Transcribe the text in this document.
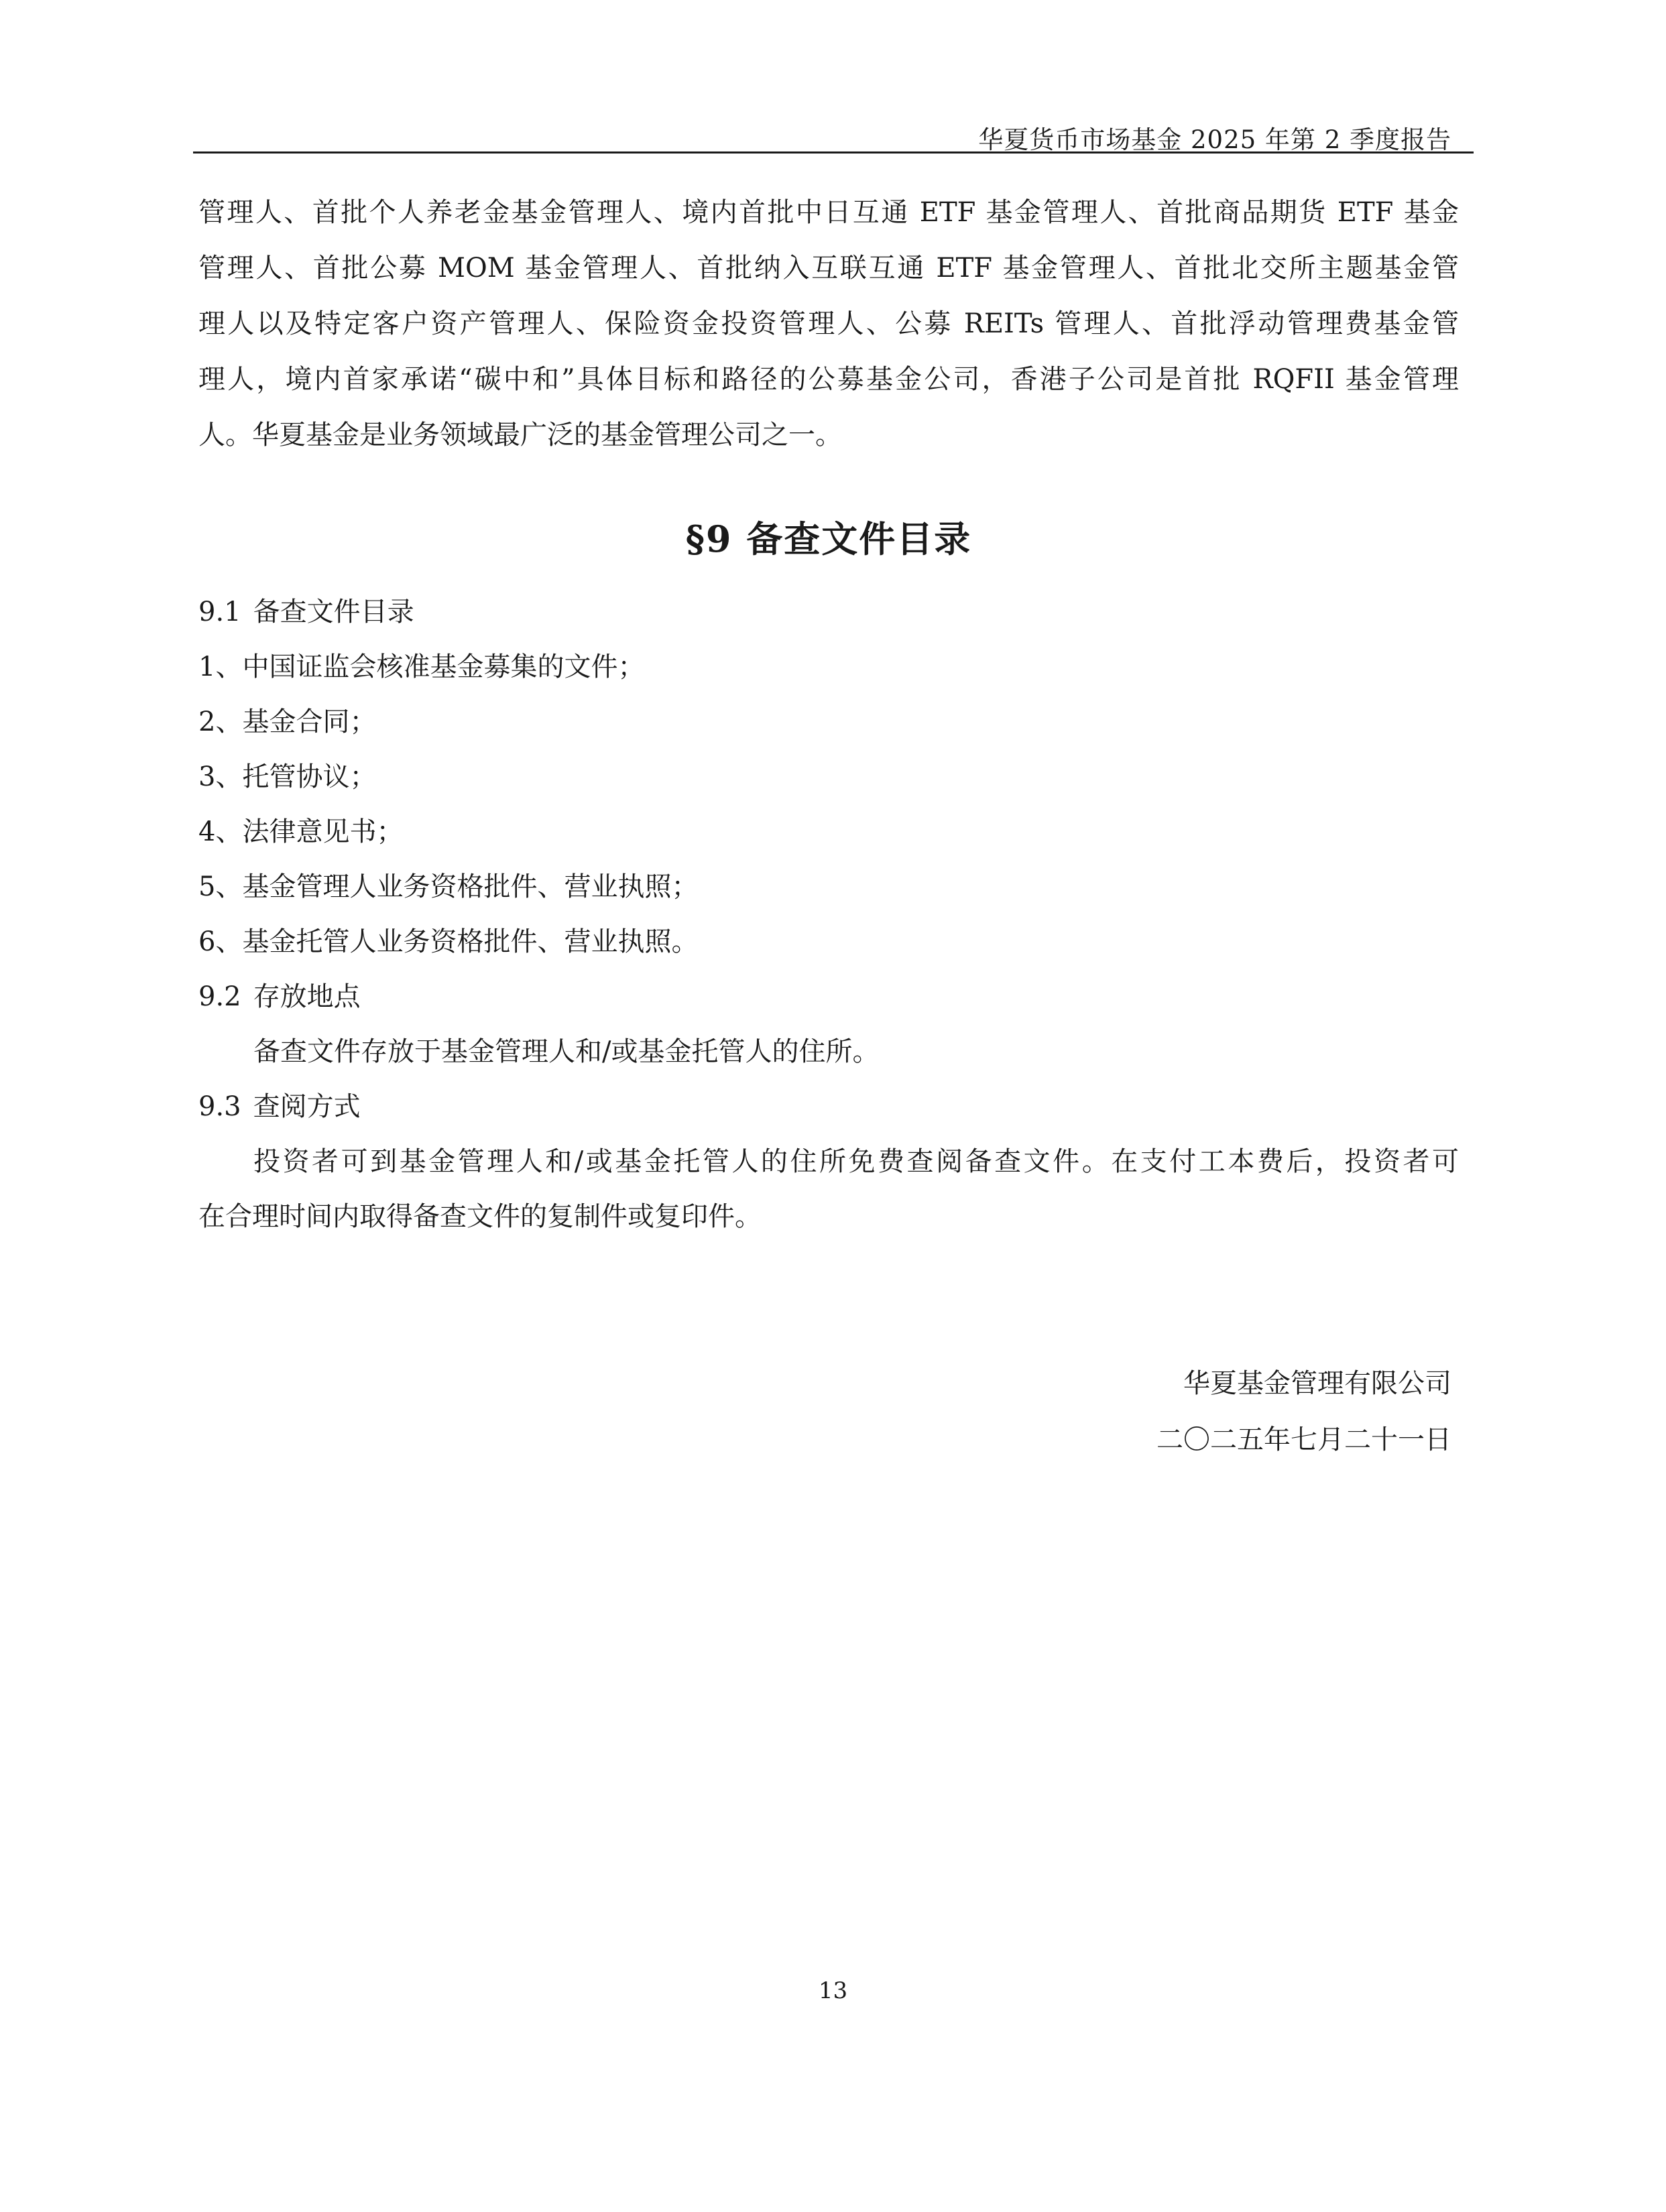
华夏货币市场基金 2025 年第 2 季度报告
管理人、首批个人养老金基金管理人、境内首批中日互通 ETF 基金管理人、首批商品期货 ETF 基金
管理人、首批公募 MOM 基金管理人、首批纳入互联互通 ETF 基金管理人、首批北交所主题基金管
理人以及特定客户资产管理人、保险资金投资管理人、公募 REITs 管理人、首批浮动管理费基金管
理人，境内首家承诺“碳中和”具体目标和路径的公募基金公司，香港子公司是首批 RQFII 基金管理
人。华夏基金是业务领域最广泛的基金管理公司之一。
§9 备查文件目录
9.1 备查文件目录
1、中国证监会核准基金募集的文件；
2、基金合同；
3、托管协议；
4、法律意见书；
5、基金管理人业务资格批件、营业执照；
6、基金托管人业务资格批件、营业执照。
9.2 存放地点
备查文件存放于基金管理人和/或基金托管人的住所。
9.3 查阅方式
投资者可到基金管理人和/或基金托管人的住所免费查阅备查文件。在支付工本费后，投资者可
在合理时间内取得备查文件的复制件或复印件。
华夏基金管理有限公司
二〇二五年七月二十一日
13
